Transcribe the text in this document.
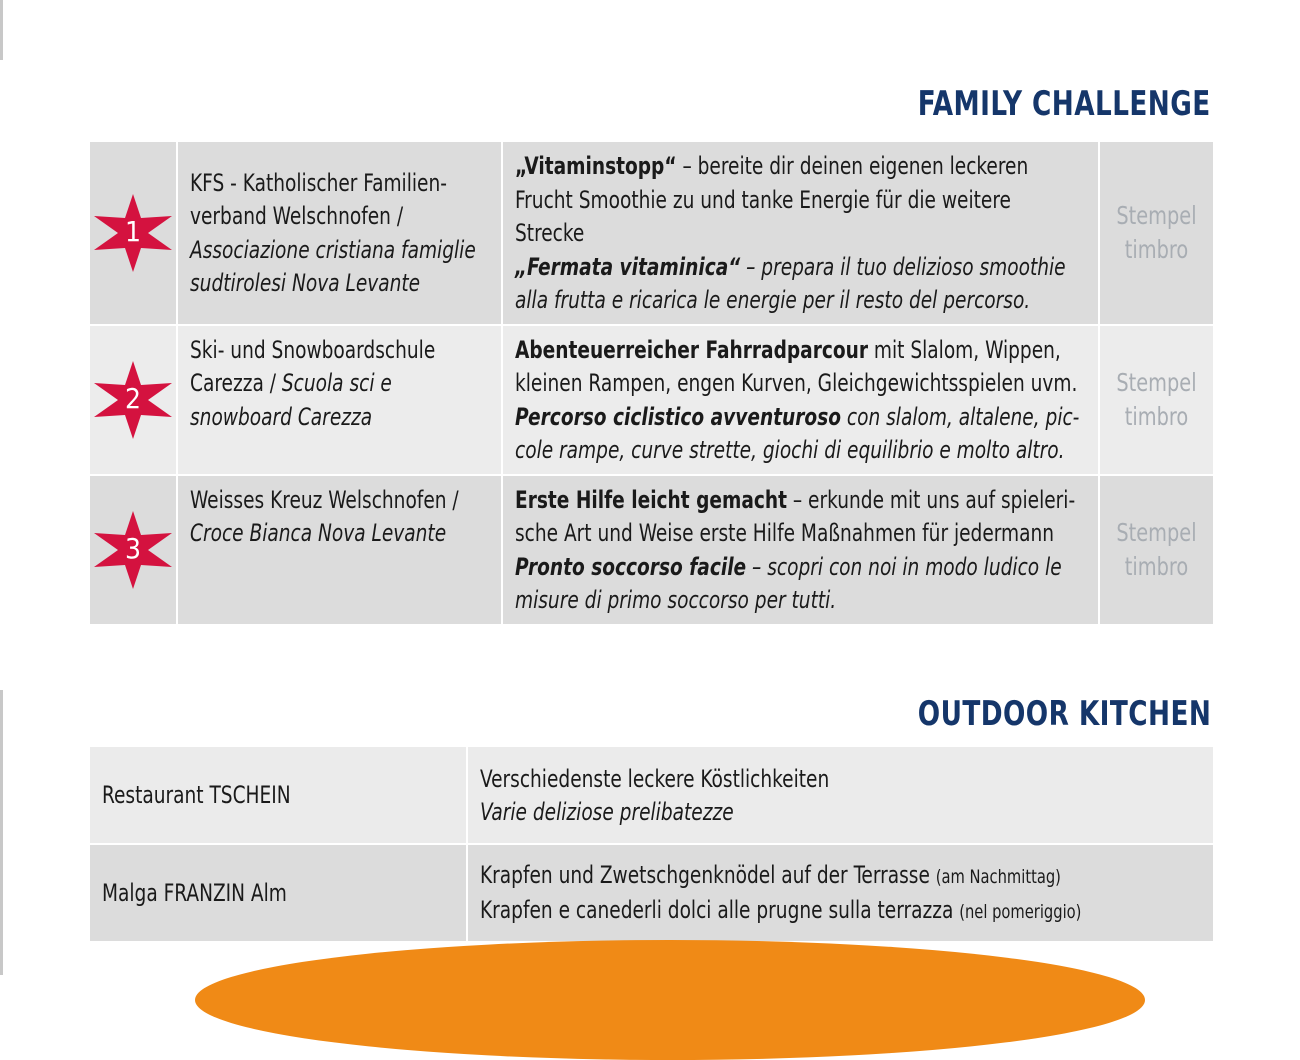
FAMILY CHALLENGE
1	KFS - Katholischer Familien-verband Welschnofen /
Associazione cristiana famiglie sudtirolesi Nova Levante	„Vitaminstopp“ – bereite dir deinen eigenen leckeren Frucht Smoothie zu und tanke Energie für die weitere Strecke
„Fermata vitaminica“ – prepara il tuo delizioso smoothie alla frutta e ricarica le energie per il resto del percorso.	Stempel
timbro

2	Ski- und Snowboardschule Carezza / Scuola sci e snowboard Carezza	Abenteuerreicher Fahrradparcour mit Slalom, Wippen, kleinen Rampen, engen Kurven, Gleichgewichtsspielen uvm.
Percorso ciclistico avventuroso con slalom, altalene, pic-cole rampe, curve strette, giochi di equilibrio e molto altro.	Stempel
timbro

3	Weisses Kreuz Welschnofen /
Croce Bianca Nova Levante	Erste Hilfe leicht gemacht – erkunde mit uns auf spieleri-sche Art und Weise erste Hilfe Maßnahmen für jedermann
Pronto soccorso facile – scopri con noi in modo ludico le misure di primo soccorso per tutti.	Stempel
timbro
OUTDOOR KITCHEN
Restaurant TSCHEIN	Verschiedenste leckere Köstlichkeiten
Varie deliziose prelibatezze

Malga FRANZIN Alm	Krapfen und Zwetschgenknödel auf der Terrasse (am Nachmittag)
Krapfen e canederli dolci alle prugne sulla terrazza (nel pomeriggio)
